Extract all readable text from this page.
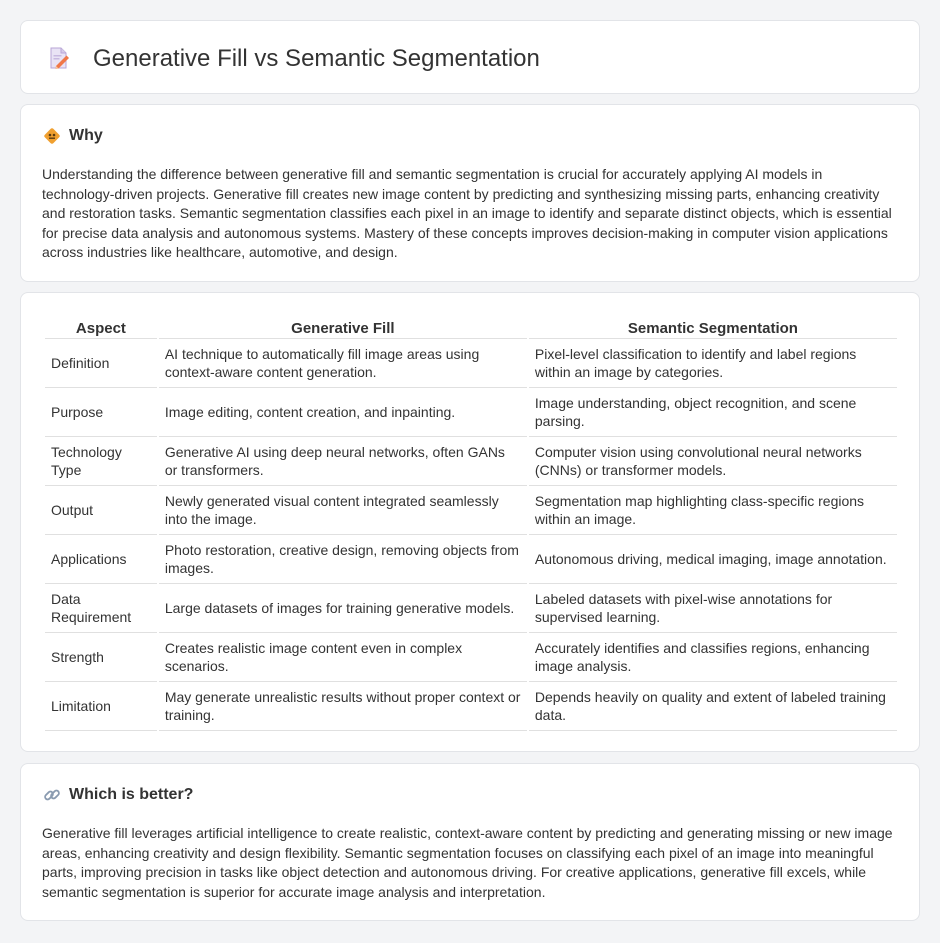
Generative Fill vs Semantic Segmentation
Why

Understanding the difference between generative fill and semantic segmentation is crucial for accurately applying AI models in technology-driven projects. Generative fill creates new image content by predicting and synthesizing missing parts, enhancing creativity and restoration tasks. Semantic segmentation classifies each pixel in an image to identify and separate distinct objects, which is essential for precise data analysis and autonomous systems. Mastery of these concepts improves decision-making in computer vision applications across industries like healthcare, automotive, and design.

Aspect	Generative Fill	Semantic Segmentation
Definition	AI technique to automatically fill image areas using context-aware content generation.	Pixel-level classification to identify and label regions within an image by categories.
Purpose	Image editing, content creation, and inpainting.	Image understanding, object recognition, and scene parsing.
Technology Type	Generative AI using deep neural networks, often GANs or transformers.	Computer vision using convolutional neural networks (CNNs) or transformer models.
Output	Newly generated visual content integrated seamlessly into the image.	Segmentation map highlighting class-specific regions within an image.
Applications	Photo restoration, creative design, removing objects from images.	Autonomous driving, medical imaging, image annotation.
Data Requirement	Large datasets of images for training generative models.	Labeled datasets with pixel-wise annotations for supervised learning.
Strength	Creates realistic image content even in complex scenarios.	Accurately identifies and classifies regions, enhancing image analysis.
Limitation	May generate unrealistic results without proper context or training.	Depends heavily on quality and extent of labeled training data.
Which is better?

Generative fill leverages artificial intelligence to create realistic, context-aware content by predicting and generating missing or new image areas, enhancing creativity and design flexibility. Semantic segmentation focuses on classifying each pixel of an image into meaningful parts, improving precision in tasks like object detection and autonomous driving. For creative applications, generative fill excels, while semantic segmentation is superior for accurate image analysis and interpretation.
